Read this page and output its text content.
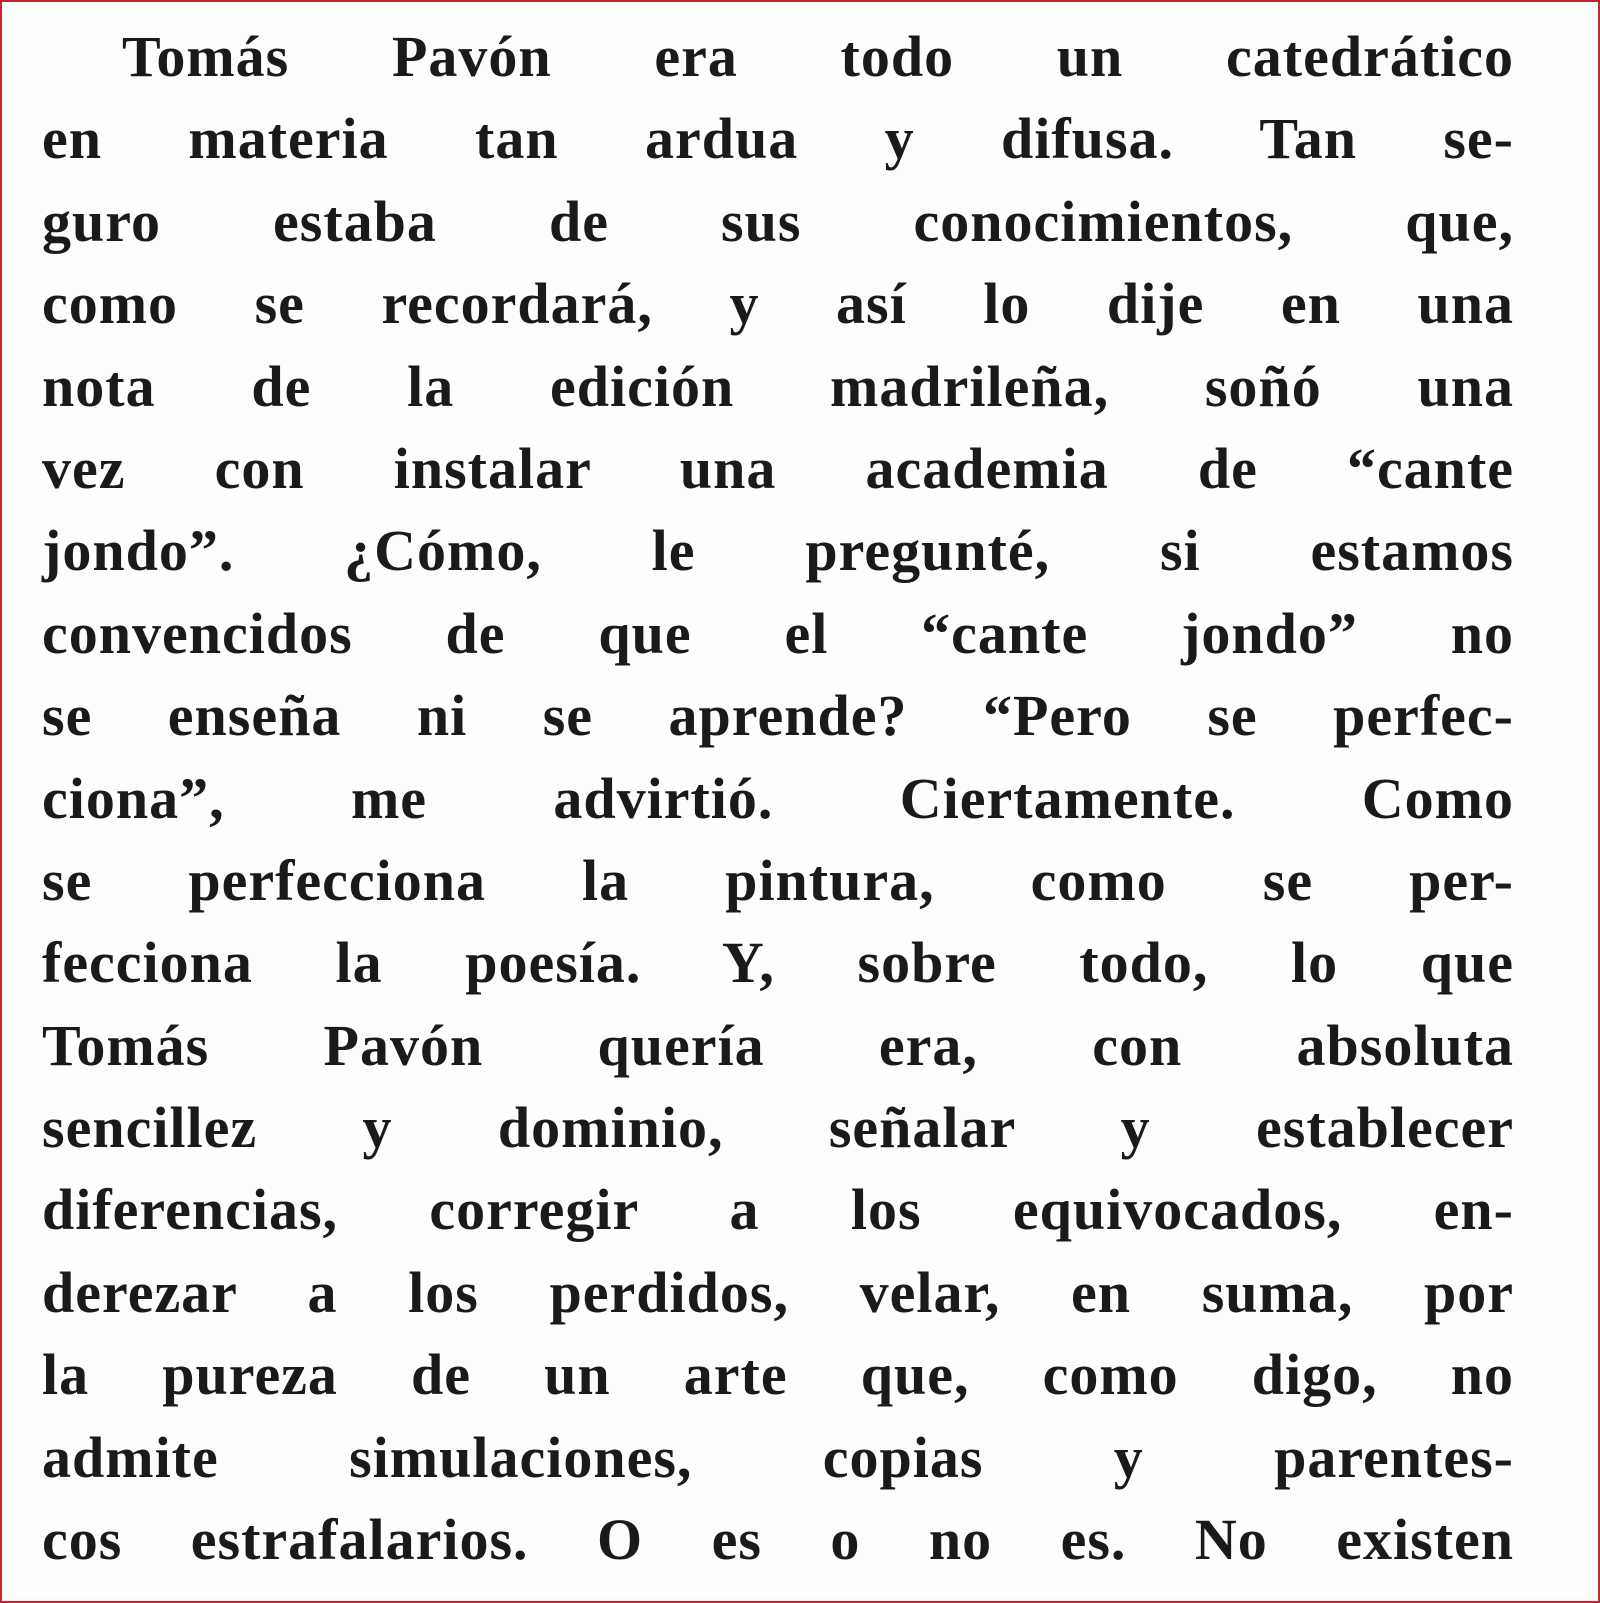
Tomás Pavón era todo un catedrático
en materia tan ardua y difusa. Tan se-
guro estaba de sus conocimientos, que,
como se recordará, y así lo dije en una
nota de la edición madrileña, soñó una
vez con instalar una academia de “cante
jondo”. ¿Cómo, le pregunté, si estamos
convencidos de que el “cante jondo” no
se enseña ni se aprende? “Pero se perfec-
ciona”, me advirtió. Ciertamente. Como
se perfecciona la pintura, como se per-
fecciona la poesía. Y, sobre todo, lo que
Tomás Pavón quería era, con absoluta
sencillez y dominio, señalar y establecer
diferencias, corregir a los equivocados, en-
derezar a los perdidos, velar, en suma, por
la pureza de un arte que, como digo, no
admite simulaciones, copias y parentes-
cos estrafalarios. O es o no es. No existen
